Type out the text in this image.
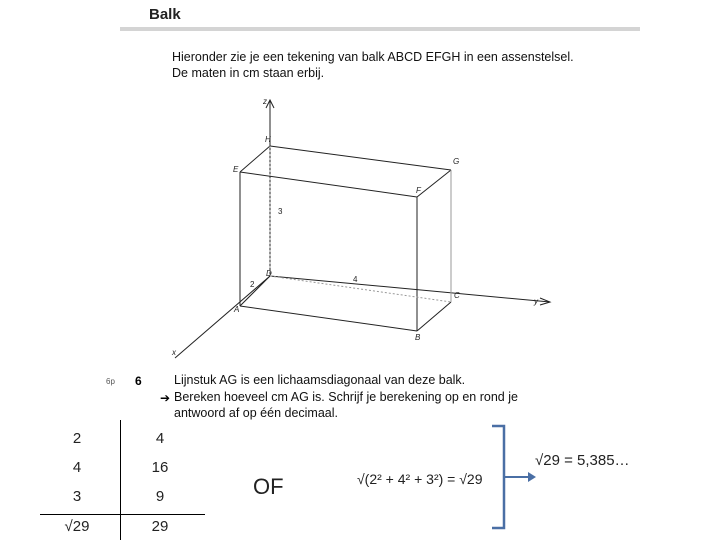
Balk
Hieronder zie je een tekening van balk ABCD EFGH in een assenstelsel.
De maten in cm staan erbij.
z
y
x
A
B
C
D
E
F
G
H
2
4
3
6p 6	Lijnstuk AG is een lichaamsdiagonaal van deze balk.
➔ Bereken hoeveel cm AG is. Schrijf je berekening op en rond je
antwoord af op één decimaal.
2	4
4	16
3	9
√29	29
OF	√(2² + 4² + 3²) = √29
√29 = 5,385…
